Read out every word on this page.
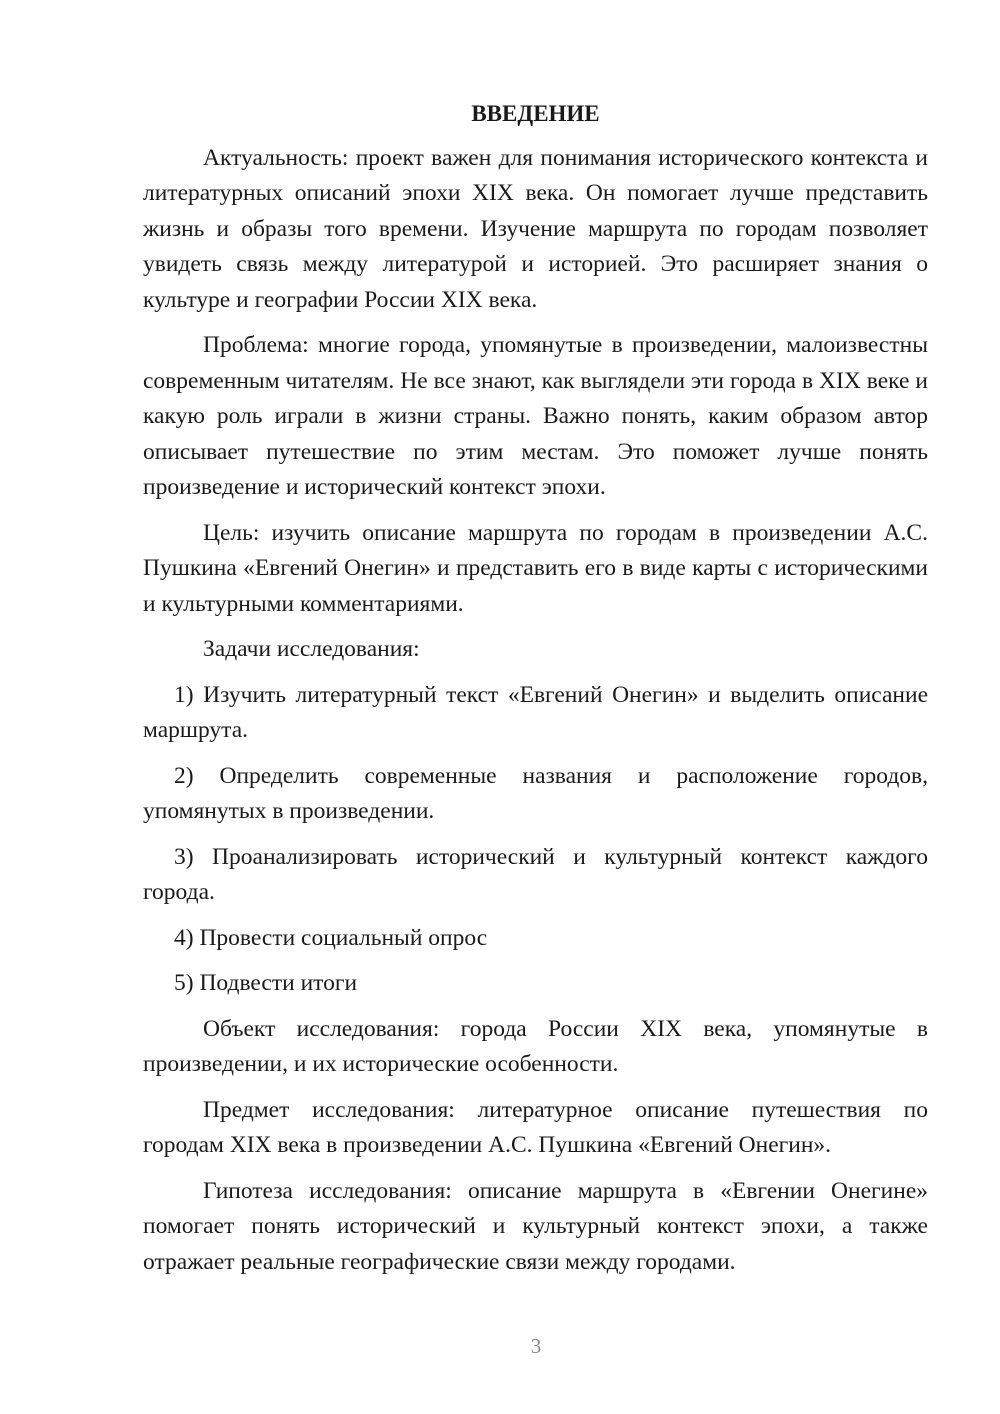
ВВЕДЕНИЕ

Актуальность: проект важен для понимания исторического контекста и литературных описаний эпохи XIX века. Он помогает лучше представить жизнь и образы того времени. Изучение маршрута по городам позволяет увидеть связь между литературой и историей. Это расширяет знания о культуре и географии России XIX века.

Проблема: многие города, упомянутые в произведении, малоизвестны современным читателям. Не все знают, как выглядели эти города в XIX веке и какую роль играли в жизни страны. Важно понять, каким образом автор описывает путешествие по этим местам. Это поможет лучше понять произведение и исторический контекст эпохи.

Цель: изучить описание маршрута по городам в произведении А.С. Пушкина «Евгений Онегин» и представить его в виде карты с историческими и культурными комментариями.

Задачи исследования:

1) Изучить литературный текст «Евгений Онегин» и выделить описание маршрута.

2) Определить современные названия и расположение городов, упомянутых в произведении.

3) Проанализировать исторический и культурный контекст каждого города.

4) Провести социальный опрос

5) Подвести итоги

Объект исследования: города России XIX века, упомянутые в произведении, и их исторические особенности.

Предмет исследования: литературное описание путешествия по городам XIX века в произведении А.С. Пушкина «Евгений Онегин».

Гипотеза исследования: описание маршрута в «Евгении Онегине» помогает понять исторический и культурный контекст эпохи, а также отражает реальные географические связи между городами.

3
